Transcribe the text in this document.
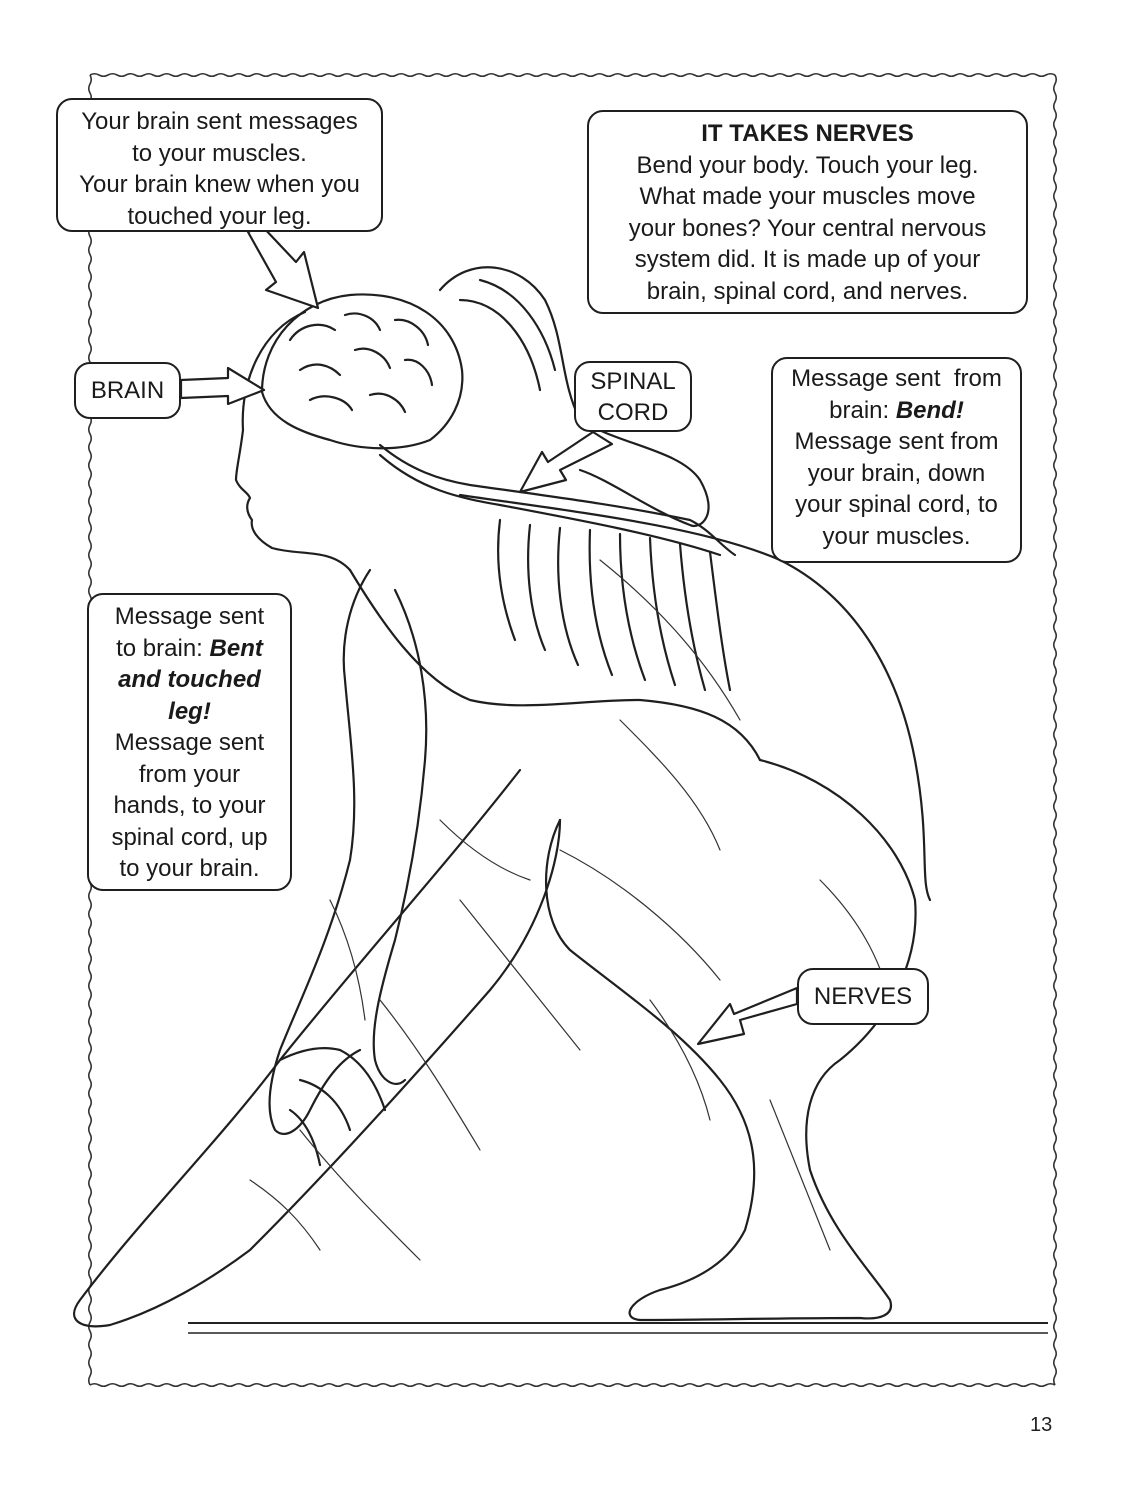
Your brain sent messages
to your muscles.
Your brain knew when you
touched your leg.
IT TAKES NERVES
Bend your body. Touch your leg.
What made your muscles move
your bones? Your central nervous
system did. It is made up of your
brain, spinal cord, and nerves.
BRAIN	SPINAL
CORD
Message sent  from
brain: Bend!
Message sent from
your brain, down
your spinal cord, to
your muscles.
Message sent
to brain: Bent
and touched
leg!
Message sent
from your
hands, to your
spinal cord, up
to your brain.
NERVES
13
